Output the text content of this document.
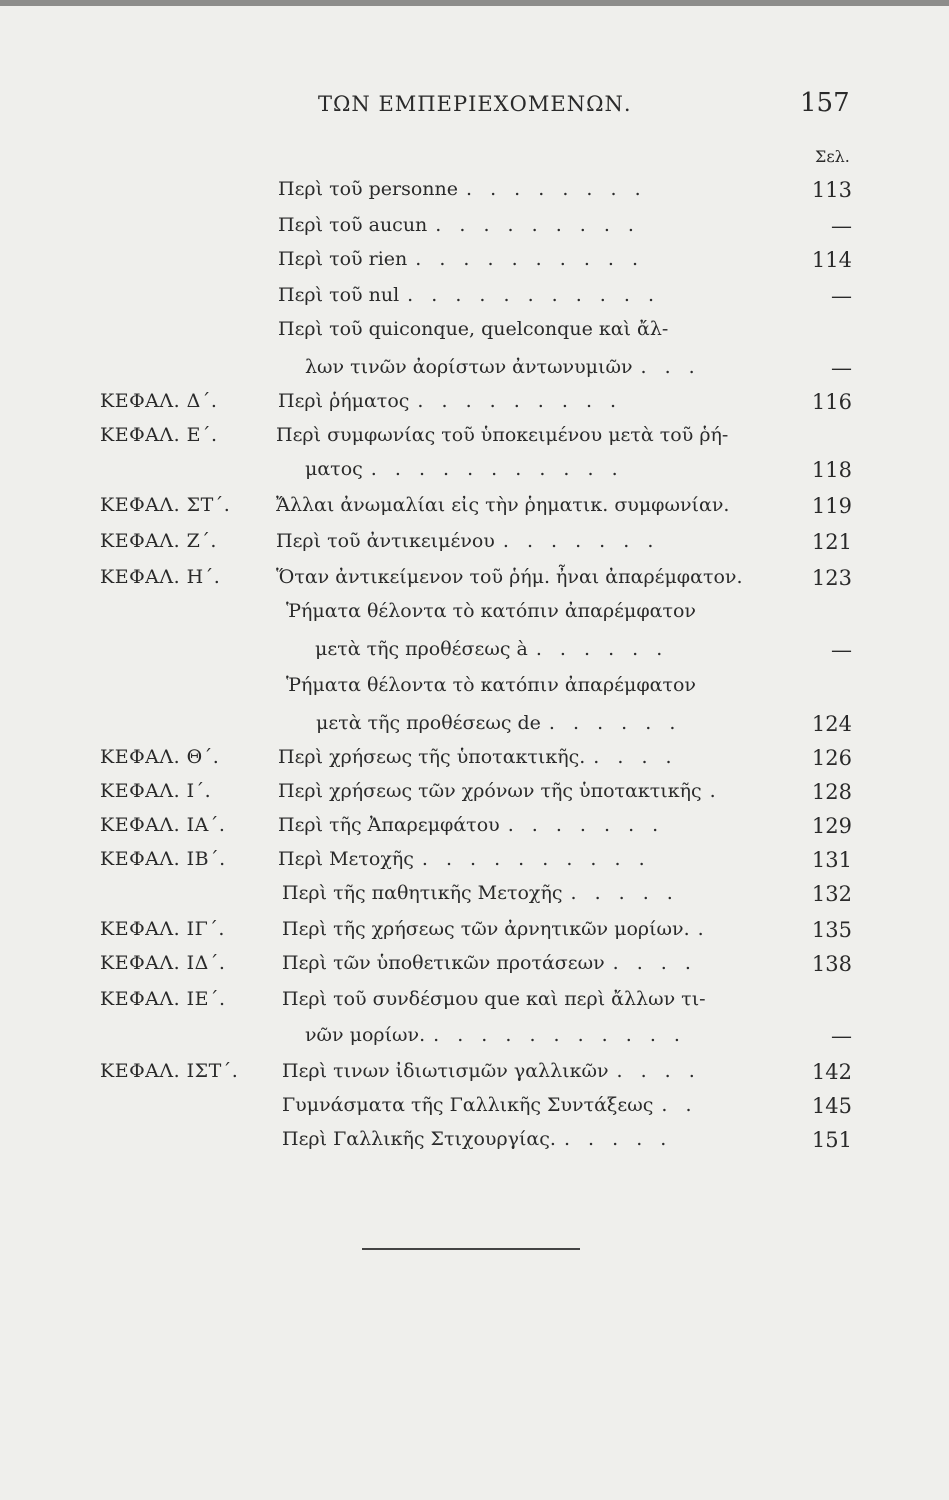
ΤΩΝ ΕΜΠΕΡΙΕΧΟΜΕΝΩΝ.	157
Σελ.
Περὶ τοῦ personne . . . . . . . .	113
Περὶ τοῦ aucun . . . . . . . . .	—
Περὶ τοῦ rien . . . . . . . . . .	114
Περὶ τοῦ nul . . . . . . . . . . .	—
Περὶ τοῦ quiconque, quelconque καὶ ἄλ-
λων τινῶν ἀορίστων ἀντωνυμιῶν . . .	—
ΚΕΦΑΛ. Δ΄.	Περὶ ῥήματος . . . . . . . . .	116
ΚΕΦΑΛ. Ε΄.	Περὶ συμφωνίας τοῦ ὑποκειμένου μετὰ τοῦ ῥή-
ματος . . . . . . . . . . .	118
ΚΕΦΑΛ. ΣΤ΄. Ἄλλαι ἀνωμαλίαι εἰς τὴν ῥηματικ. συμφωνίαν.	119
ΚΕΦΑΛ. Ζ΄.	Περὶ τοῦ ἀντικειμένου . . . . . . .	121
ΚΕΦΑΛ. Η΄.	Ὅταν ἀντικείμενον τοῦ ῥήμ. ἦναι ἀπαρέμφατον.	123
Ῥήματα θέλοντα τὸ κατόπιν ἀπαρέμφατον
μετὰ τῆς προθέσεως à . . . . . .	—
Ῥήματα θέλοντα τὸ κατόπιν ἀπαρέμφατον
μετὰ τῆς προθέσεως de . . . . . .	124
ΚΕΦΑΛ. Θ΄.	Περὶ χρήσεως τῆς ὑποτακτικῆς. . . . .	126
ΚΕΦΑΛ. Ι΄.	Περὶ χρήσεως τῶν χρόνων τῆς ὑποτακτικῆς .	128
ΚΕΦΑΛ. ΙΑ΄.	Περὶ τῆς Ἀπαρεμφάτου . . . . . . .	129
ΚΕΦΑΛ. ΙΒ΄.	Περὶ Μετοχῆς . . . . . . . . . .	131
Περὶ τῆς παθητικῆς Μετοχῆς . . . . .	132
ΚΕΦΑΛ. ΙΓ΄.	Περὶ τῆς χρήσεως τῶν ἀρνητικῶν μορίων. .	135
ΚΕΦΑΛ. ΙΔ΄.	Περὶ τῶν ὑποθετικῶν προτάσεων . . . .	138
ΚΕΦΑΛ. ΙΕ΄.	Περὶ τοῦ συνδέσμου que καὶ περὶ ἄλλων τι-
νῶν μορίων. . . . . . . . . . . .	—
ΚΕΦΑΛ. ΙΣΤ΄. Περὶ τινων ἰδιωτισμῶν γαλλικῶν . . . .	142
Γυμνάσματα τῆς Γαλλικῆς Συντάξεως . .	145
Περὶ Γαλλικῆς Στιχουργίας. . . . . .	151
